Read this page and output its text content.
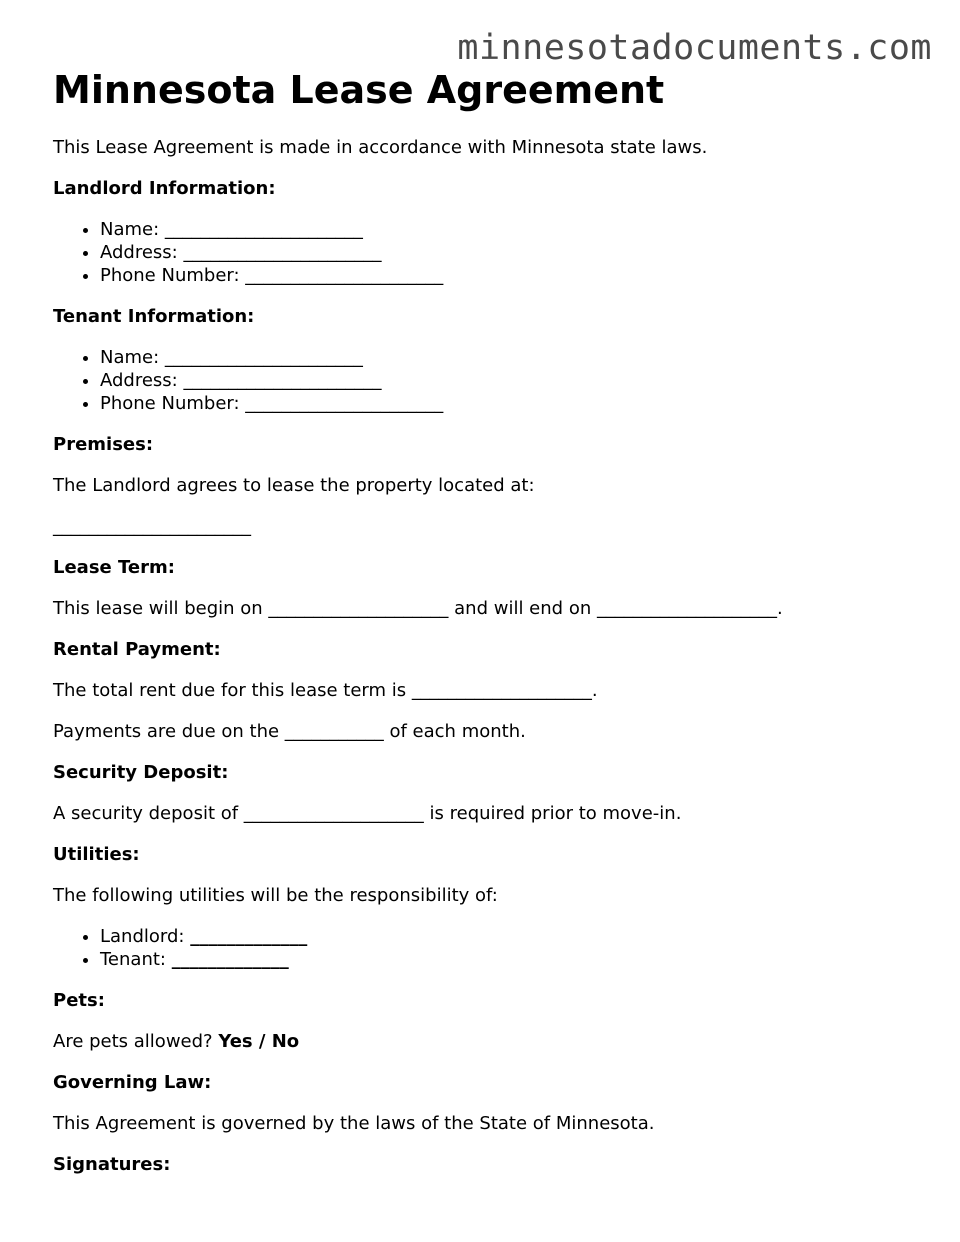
minnesotadocuments.com
Minnesota Lease Agreement

This Lease Agreement is made in accordance with Minnesota state laws.

Landlord Information:
• Name: ______________________
• Address: ______________________
• Phone Number: ______________________
Tenant Information:
• Name: ______________________
• Address: ______________________
• Phone Number: ______________________
Premises:

The Landlord agrees to lease the property located at:

______________________

Lease Term:

This lease will begin on ____________________ and will end on ____________________.

Rental Payment:

The total rent due for this lease term is ____________________.

Payments are due on the ___________ of each month.

Security Deposit:

A security deposit of ____________________ is required prior to move-in.

Utilities:

The following utilities will be the responsibility of:

• Landlord: _____________
• Tenant: _____________
Pets:

Are pets allowed? Yes / No

Governing Law:

This Agreement is governed by the laws of the State of Minnesota.

Signatures:
